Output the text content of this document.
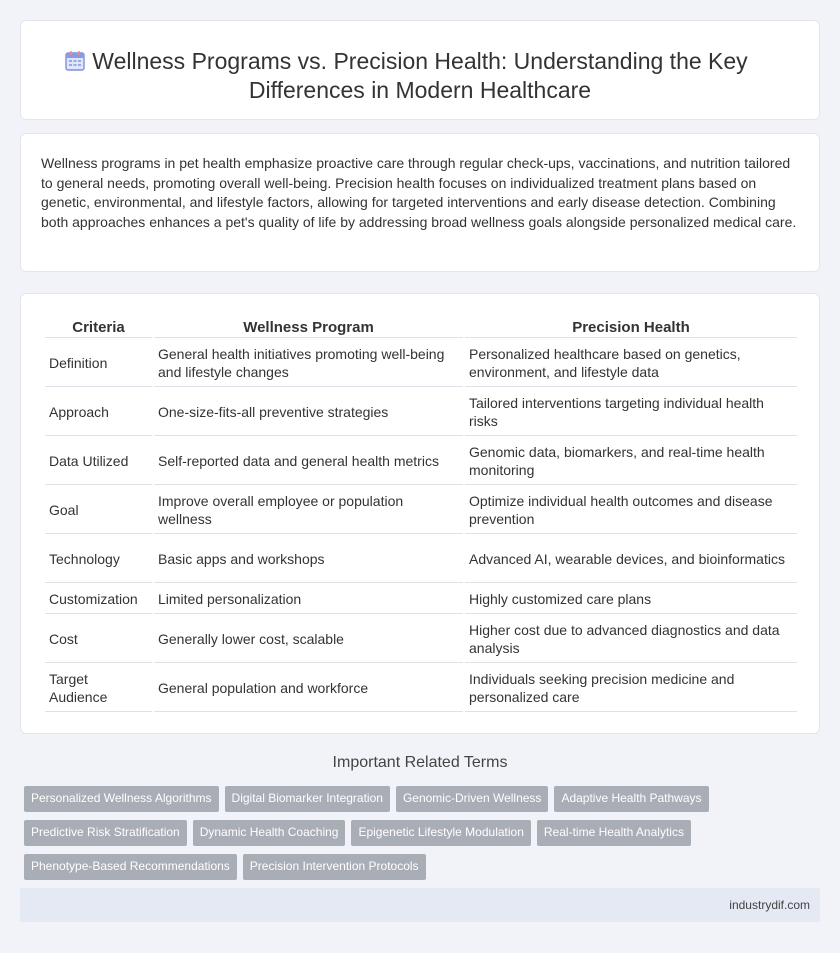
Wellness Programs vs. Precision Health: Understanding the Key Differences in Modern Healthcare

Wellness programs in pet health emphasize proactive care through regular check-ups, vaccinations, and nutrition tailored to general needs, promoting overall well-being. Precision health focuses on individualized treatment plans based on genetic, environmental, and lifestyle factors, allowing for targeted interventions and early disease detection. Combining both approaches enhances a pet's quality of life by addressing broad wellness goals alongside personalized medical care.

Criteria	Wellness Program	Precision Health
Definition	General health initiatives promoting well-being and lifestyle changes	Personalized healthcare based on genetics, environment, and lifestyle data
Approach	One-size-fits-all preventive strategies	Tailored interventions targeting individual health risks
Data Utilized	Self-reported data and general health metrics	Genomic data, biomarkers, and real-time health monitoring
Goal	Improve overall employee or population wellness	Optimize individual health outcomes and disease prevention
Technology	Basic apps and workshops	Advanced AI, wearable devices, and bioinformatics
Customization	Limited personalization	Highly customized care plans
Cost	Generally lower cost, scalable	Higher cost due to advanced diagnostics and data analysis
Target Audience	General population and workforce	Individuals seeking precision medicine and personalized care
Important Related Terms
Personalized Wellness Algorithms Digital Biomarker Integration Genomic-Driven Wellness Adaptive Health PathwaysPredictive Risk Stratification Dynamic Health Coaching Epigenetic Lifestyle Modulation Real-time Health AnalyticsPhenotype-Based Recommendations Precision Intervention Protocols
industrydif.com
